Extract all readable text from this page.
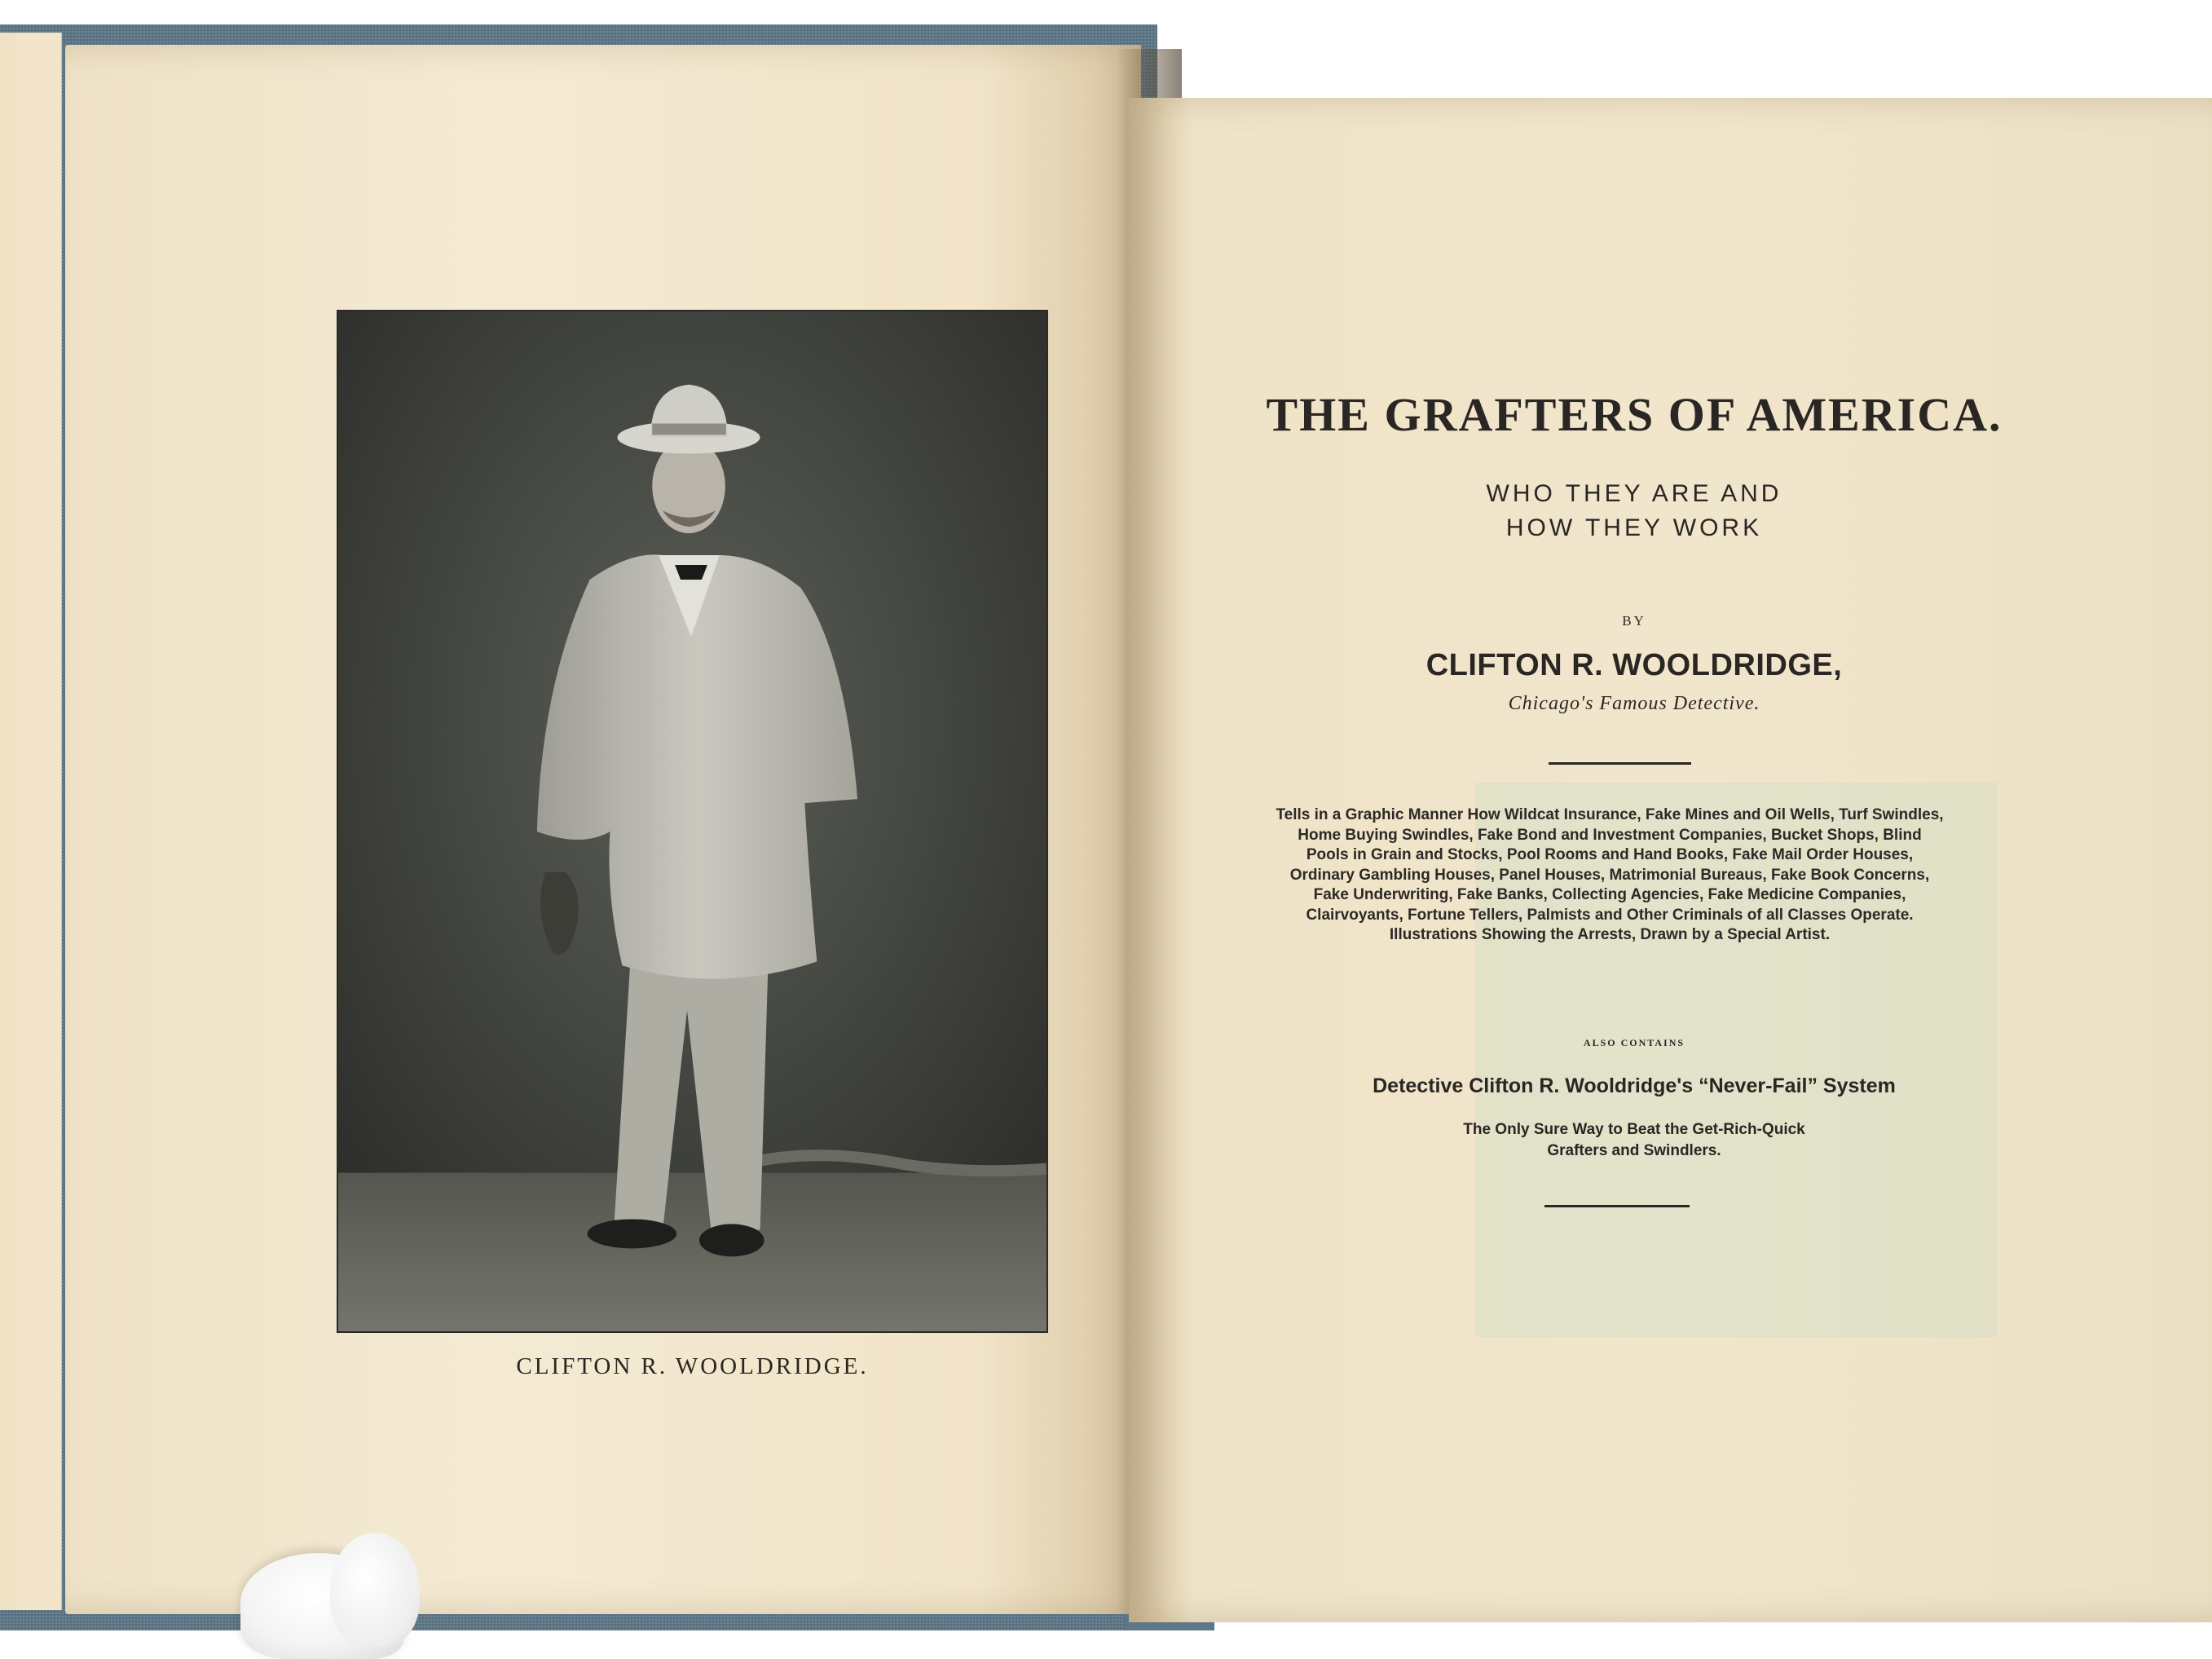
CLIFTON R. WOOLDRIDGE.
THE GRAFTERS OF AMERICA.
WHO THEY ARE AND
HOW THEY WORK
BY
CLIFTON R. WOOLDRIDGE,
Chicago's Famous Detective.
Tells in a Graphic Manner How Wildcat Insurance, Fake Mines and Oil Wells, Turf Swindles, Home Buying Swindles, Fake Bond and Investment Companies, Bucket Shops, Blind Pools in Grain and Stocks, Pool Rooms and Hand Books, Fake Mail Order Houses, Ordinary Gambling Houses, Panel Houses, Matrimonial Bureaus, Fake Book Concerns, Fake Underwriting, Fake Banks, Collecting Agencies, Fake Medicine Companies, Clairvoyants, Fortune Tellers, Palmists and Other Criminals of all Classes Operate. Illustrations Showing the Arrests, Drawn by a Special Artist.
ALSO CONTAINS
Detective Clifton R. Wooldridge's “Never-Fail” System
The Only Sure Way to Beat the Get-Rich-Quick
Grafters and Swindlers.
